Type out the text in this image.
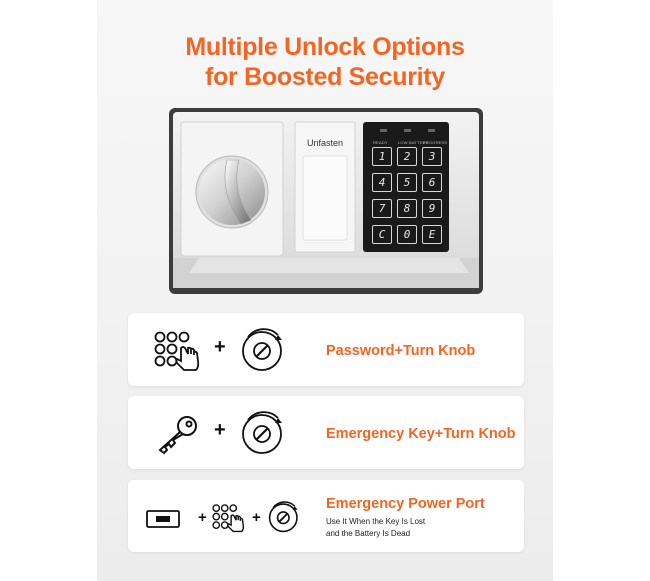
Multiple Unlock Options
for Boosted Security
1	2	3
4	5	6
7	8	9
C	0	E
Unfasten	READY	LOW BATTERY
PROGRESS
+	Password+Turn Knob
+	Emergency Key+Turn Knob
+	+
Emergency Power Port
Use It When the Key Is Lost
and the Battery Is Dead
